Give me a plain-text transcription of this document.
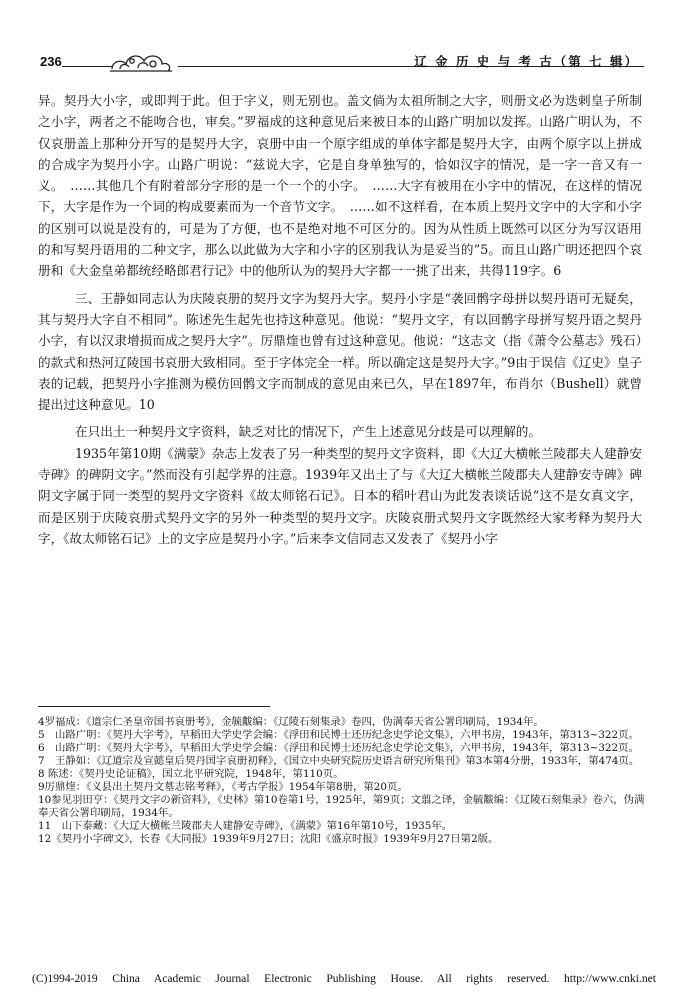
236	辽 金 历 史 与 考 古（第 七 辑）

异。契丹大小字，或即判于此。但于字义，则无别也。盖文倘为太祖所制之大字，则册文必为迭剌皇子所制之小字，两者之不能吻合也，审矣。”罗福成的这种意见后来被日本的山路广明加以发挥。山路广明认为，不仅哀册盖上那种分开写的是契丹大字，哀册中由一个原字组成的单体字都是契丹大字，由两个原字以上拼成的合成字为契丹小字。山路广明说：“兹说大字，它是自身单独写的，恰如汉字的情况，是一字一音又有一义。　……其他几个有附着部分字形的是一个一个的小字。　……大字有被用在小字中的情况，在这样的情况下，大字是作为一个词的构成要素而为一个音节文字。　……如不这样看，在本质上契丹文字中的大字和小字的区别可以说是没有的，可是为了方便，也不是绝对地不可区分的。因为从性质上既然可以区分为写汉语用的和写契丹语用的二种文字，那么以此做为大字和小字的区别我认为是妥当的”5。而且山路广明还把四个哀册和《大金皇弟都统经略郎君行记》中的他所认为的契丹大字都一一挑了出来，共得119字。6

三、王静如同志认为庆陵哀册的契丹文字为契丹大字。契丹小字是“袭回鹘字母拼以契丹语可无疑矣，其与契丹大字自不相同”。陈述先生起先也持这种意见。他说：“契丹文字，有以回鹘字母拼写契丹语之契丹小字，有以汉隶增损而成之契丹大字”。厉鼎煃也曾有过这种意见。他说：“这志文（指《萧令公墓志》残石）的款式和热河辽陵国书哀册大致相同。至于字体完全一样。所以确定这是契丹大字。”9由于误信《辽史》皇子表的记载，把契丹小字推测为模仿回鹘文字而制成的意见由来已久，早在1897年，布肖尔（Bushell）就曾提出过这种意见。10

在只出土一种契丹文字资料，缺乏对比的情况下，产生上述意见分歧是可以理解的。

1935年第10期《满蒙》杂志上发表了另一种类型的契丹文字资料，即《大辽大横帐兰陵郡夫人建静安寺碑》的碑阴文字。”然而没有引起学界的注意。1939年又出土了与《大辽大横帐兰陵郡夫人建静安寺碑》碑阴文字属于同一类型的契丹文字资料《故太师铭石记》。日本的稻叶君山为此发表谈话说“这不是女真文字，而是区别于庆陵哀册式契丹文字的另外一种类型的契丹文字。庆陵哀册式契丹文字既然经大家考释为契丹大字，《故太师铭石记》上的文字应是契丹小字。”后来李文信同志又发表了《契丹小字

4罗福成：《道宗仁圣皇帝国书哀册考》，金毓黻编：《辽陵石刻集录》卷四，伪满奉天省公署印刷局，1934年。

5　山路广明：《契丹大字考》，早稻田大学史学会编：《浮田和民博士还历纪念史学论文集》，六甲书房，1943年，第313~322页。

6　山路广明：《契丹大字考》，早稻田大学史学会编：《浮田和民博士还历纪念史学论文集》，六甲书房，1943年，第313~322页。

7　王静如：《辽道宗及宣懿皇后契丹国字哀册初释》，《国立中央研究院历史语言研究所集刊》第3本第4分册，1933年，第474页。

8 陈述：《契丹史论证稿》，国立北平研究院，1948年，第110页。

9厉鼎煃：《义县出土契丹文墓志铭考释》，《考古学报》1954年第8册，第20页。

10参见羽田亨：《契丹文字の新资料》，《史林》第10卷第1号，1925年，第9页；文翦之译，金毓黻编：《辽陵石刻集录》卷六，伪满奉天省公署印刷局，1934年。

11　山下泰藏：《大辽大横帐兰陵郡夫人建静安寺碑》，《满蒙》第16年第10号，1935年。

12《契丹小字碑文》，长春《大同报》1939年9月27日；沈阳《盛京时报》1939年9月27日第2版。

(C)1994-2019 China Academic Journal Electronic Publishing House. All rights reserved. http://www.cnki.net
